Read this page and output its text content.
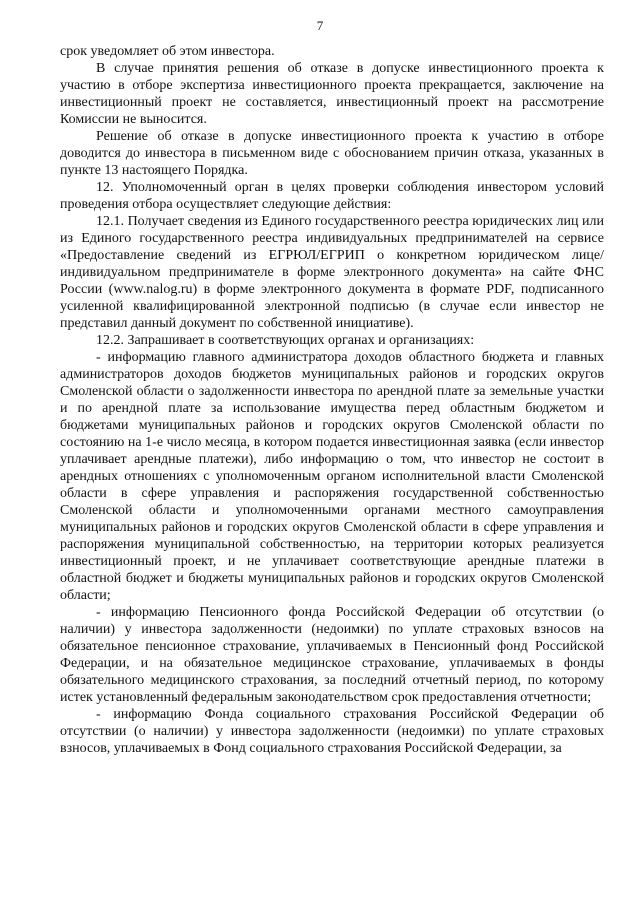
7

срок уведомляет об этом инвестора.

В случае принятия решения об отказе в допуске инвестиционного проекта к участию в отборе экспертиза инвестиционного проекта прекращается, заключение на инвестиционный проект не составляется, инвестиционный проект на рассмотрение Комиссии не выносится.

Решение об отказе в допуске инвестиционного проекта к участию в отборе доводится до инвестора в письменном виде с обоснованием причин отказа, указанных в пункте 13 настоящего Порядка.

12. Уполномоченный орган в целях проверки соблюдения инвестором условий проведения отбора осуществляет следующие действия:

12.1. Получает сведения из Единого государственного реестра юридических лиц или из Единого государственного реестра индивидуальных предпринимателей на сервисе «Предоставление сведений из ЕГРЮЛ/ЕГРИП о конкретном юридическом лице/индивидуальном предпринимателе в форме электронного документа» на сайте ФНС России (www.nalog.ru) в форме электронного документа в формате PDF, подписанного усиленной квалифицированной электронной подписью (в случае если инвестор не представил данный документ по собственной инициативе).

12.2. Запрашивает в соответствующих органах и организациях:

- информацию главного администратора доходов областного бюджета и главных администраторов доходов бюджетов муниципальных районов и городских округов Смоленской области о задолженности инвестора по арендной плате за земельные участки и по арендной плате за использование имущества перед областным бюджетом и бюджетами муниципальных районов и городских округов Смоленской области по состоянию на 1-е число месяца, в котором подается инвестиционная заявка (если инвестор уплачивает арендные платежи), либо информацию о том, что инвестор не состоит в арендных отношениях с уполномоченным органом исполнительной власти Смоленской области в сфере управления и распоряжения государственной собственностью Смоленской области и уполномоченными органами местного самоуправления муниципальных районов и городских округов Смоленской области в сфере управления и распоряжения муниципальной собственностью, на территории которых реализуется инвестиционный проект, и не уплачивает соответствующие арендные платежи в областной бюджет и бюджеты муниципальных районов и городских округов Смоленской области;

- информацию Пенсионного фонда Российской Федерации об отсутствии (о наличии) у инвестора задолженности (недоимки) по уплате страховых взносов на обязательное пенсионное страхование, уплачиваемых в Пенсионный фонд Российской Федерации, и на обязательное медицинское страхование, уплачиваемых в фонды обязательного медицинского страхования, за последний отчетный период, по которому истек установленный федеральным законодательством срок предоставления отчетности;

- информацию Фонда социального страхования Российской Федерации об отсутствии (о наличии) у инвестора задолженности (недоимки) по уплате страховых взносов, уплачиваемых в Фонд социального страхования Российской Федерации, за
